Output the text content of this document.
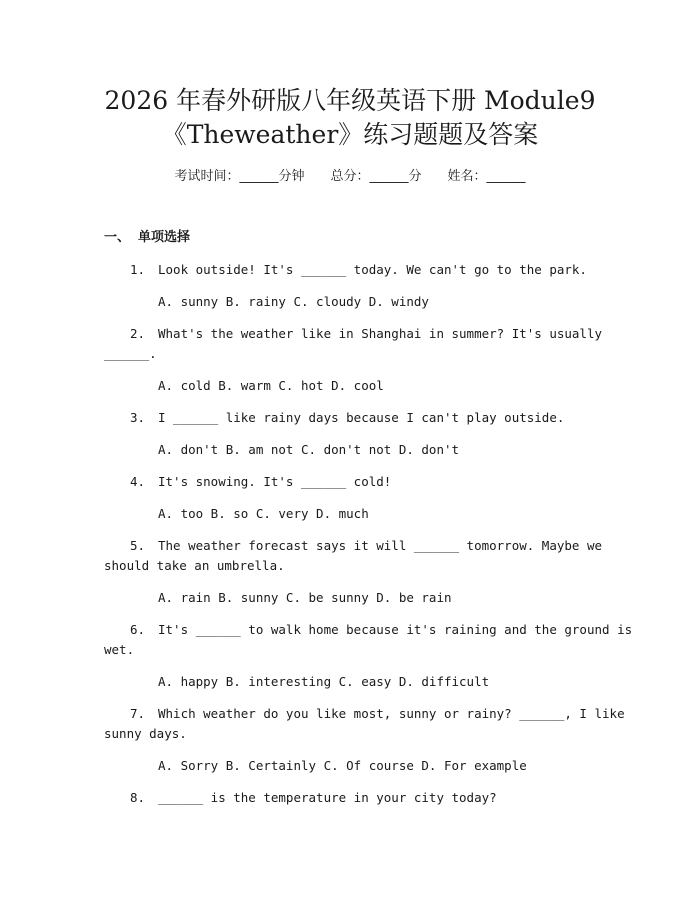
2026 年春外研版八年级英语下册 Module9
《Theweather》练习题题及答案
考试时间：______分钟 总分：______分 姓名：______
一、 单项选择
1. Look outside! It's ______ today. We can't go to the park.
A. sunny B. rainy C. cloudy D. windy
2. What's the weather like in Shanghai in summer? It's usually
______.
A. cold B. warm C. hot D. cool
3. I ______ like rainy days because I can't play outside.
A. don't B. am not C. don't not D. don't
4. It's snowing. It's ______ cold!
A. too B. so C. very D. much
5. The weather forecast says it will ______ tomorrow. Maybe we
should take an umbrella.
A. rain B. sunny C. be sunny D. be rain
6. It's ______ to walk home because it's raining and the ground is
wet.
A. happy B. interesting C. easy D. difficult
7. Which weather do you like most, sunny or rainy? ______, I like
sunny days.
A. Sorry B. Certainly C. Of course D. For example
8. ______ is the temperature in your city today?
